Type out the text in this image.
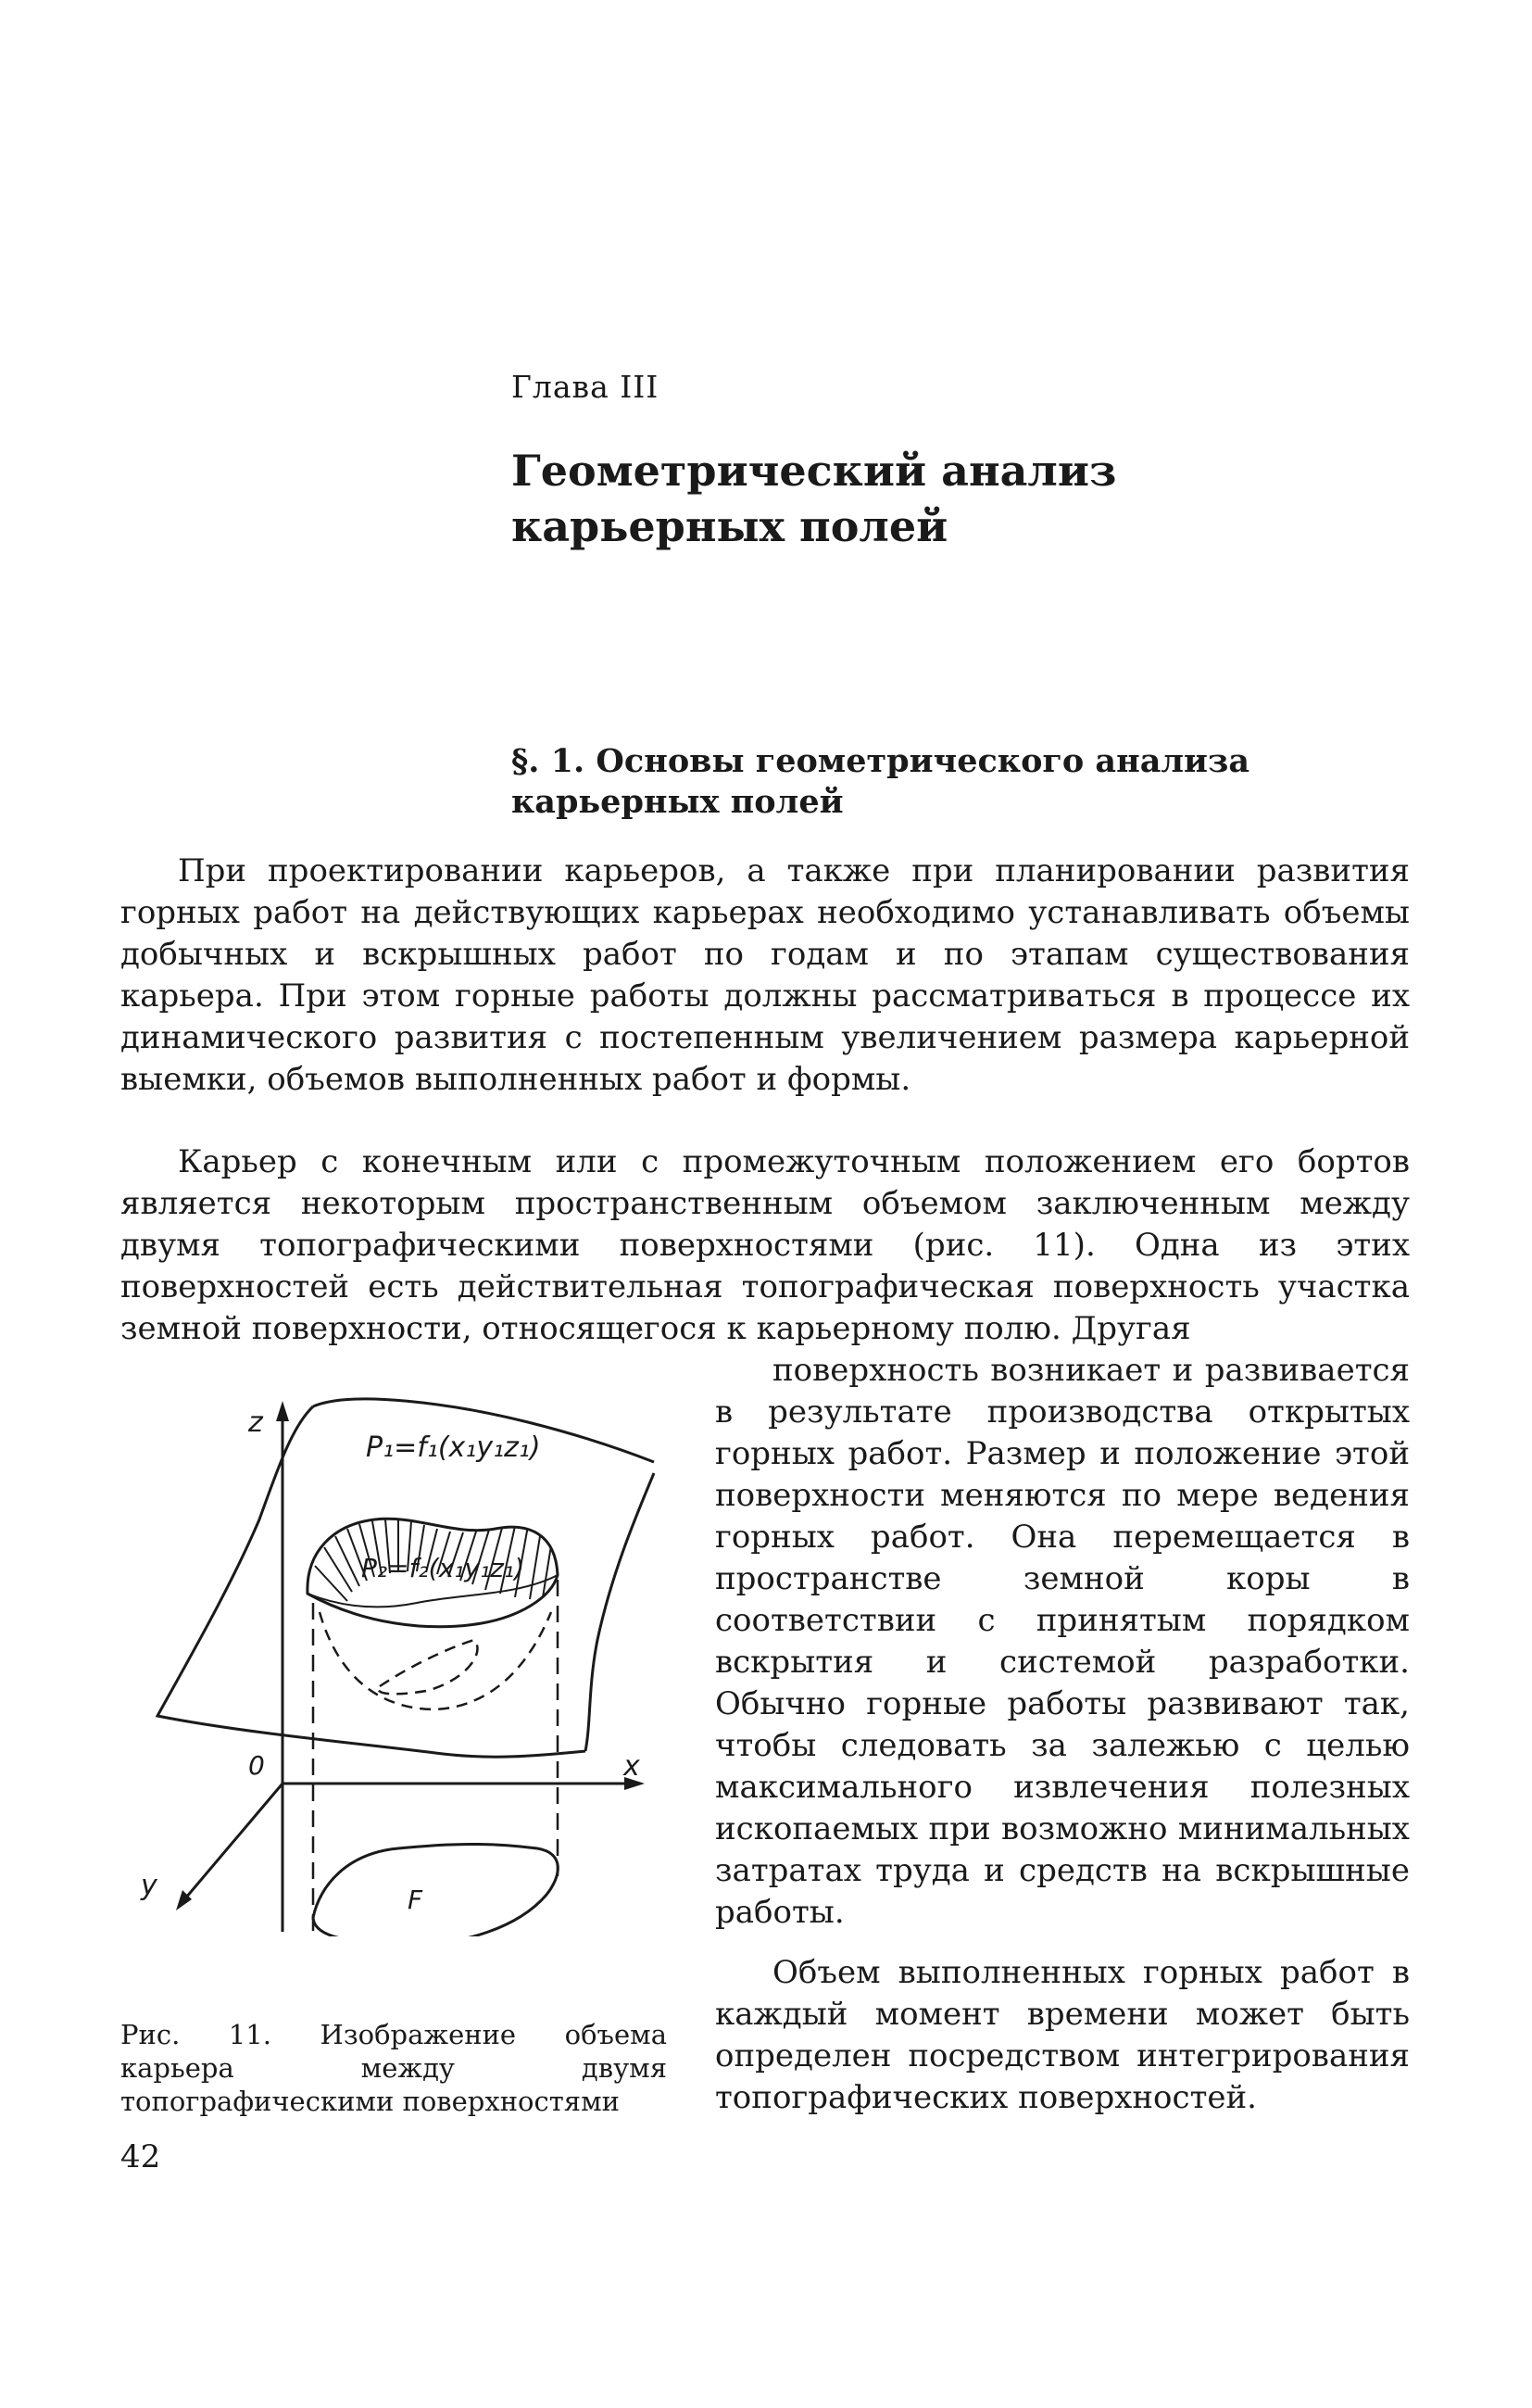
Глава III
Геометрический анализ карьерных полей
§. 1. Основы геометрического анализа карьерных полей

При проектировании карьеров, а также при планировании развития горных работ на действующих карьерах необходимо устанавливать объемы добычных и вскрышных работ по годам и по этапам существования карьера. При этом горные работы должны рассматриваться в процессе их динамического развития с постепенным увеличением размера карьерной выемки, объемов выполненных работ и формы.

Карьер с конечным или с промежуточным положением его бортов является некоторым пространственным объемом заключенным между двумя топографическими поверхностями (рис. 11). Одна из этих поверхностей есть действительная топографическая поверхность участка земной поверхности, относящегося к карьерному полю. Другая

поверхность возникает и развивается в результате производства открытых горных работ. Размер и положение этой поверхности меняются по мере ведения горных работ. Она перемещается в пространстве земной коры в соответствии с принятым порядком вскрытия и системой разработки. Обычно горные работы развивают так, чтобы следовать за залежью с целью максимального извлечения полезных ископаемых при возможно минимальных затратах труда и средств на вскрышные работы.

Объем выполненных горных работ в каждый момент времени может быть определен посредством интегрирования топографических поверхностей.

z
x
y
0
P₁=f₁(x₁y₁z₁)
P₂=f₂(x₁y₁z₁)
F

Рис. 11. Изображение объема карьера между двумя топографическими поверхностями

42
